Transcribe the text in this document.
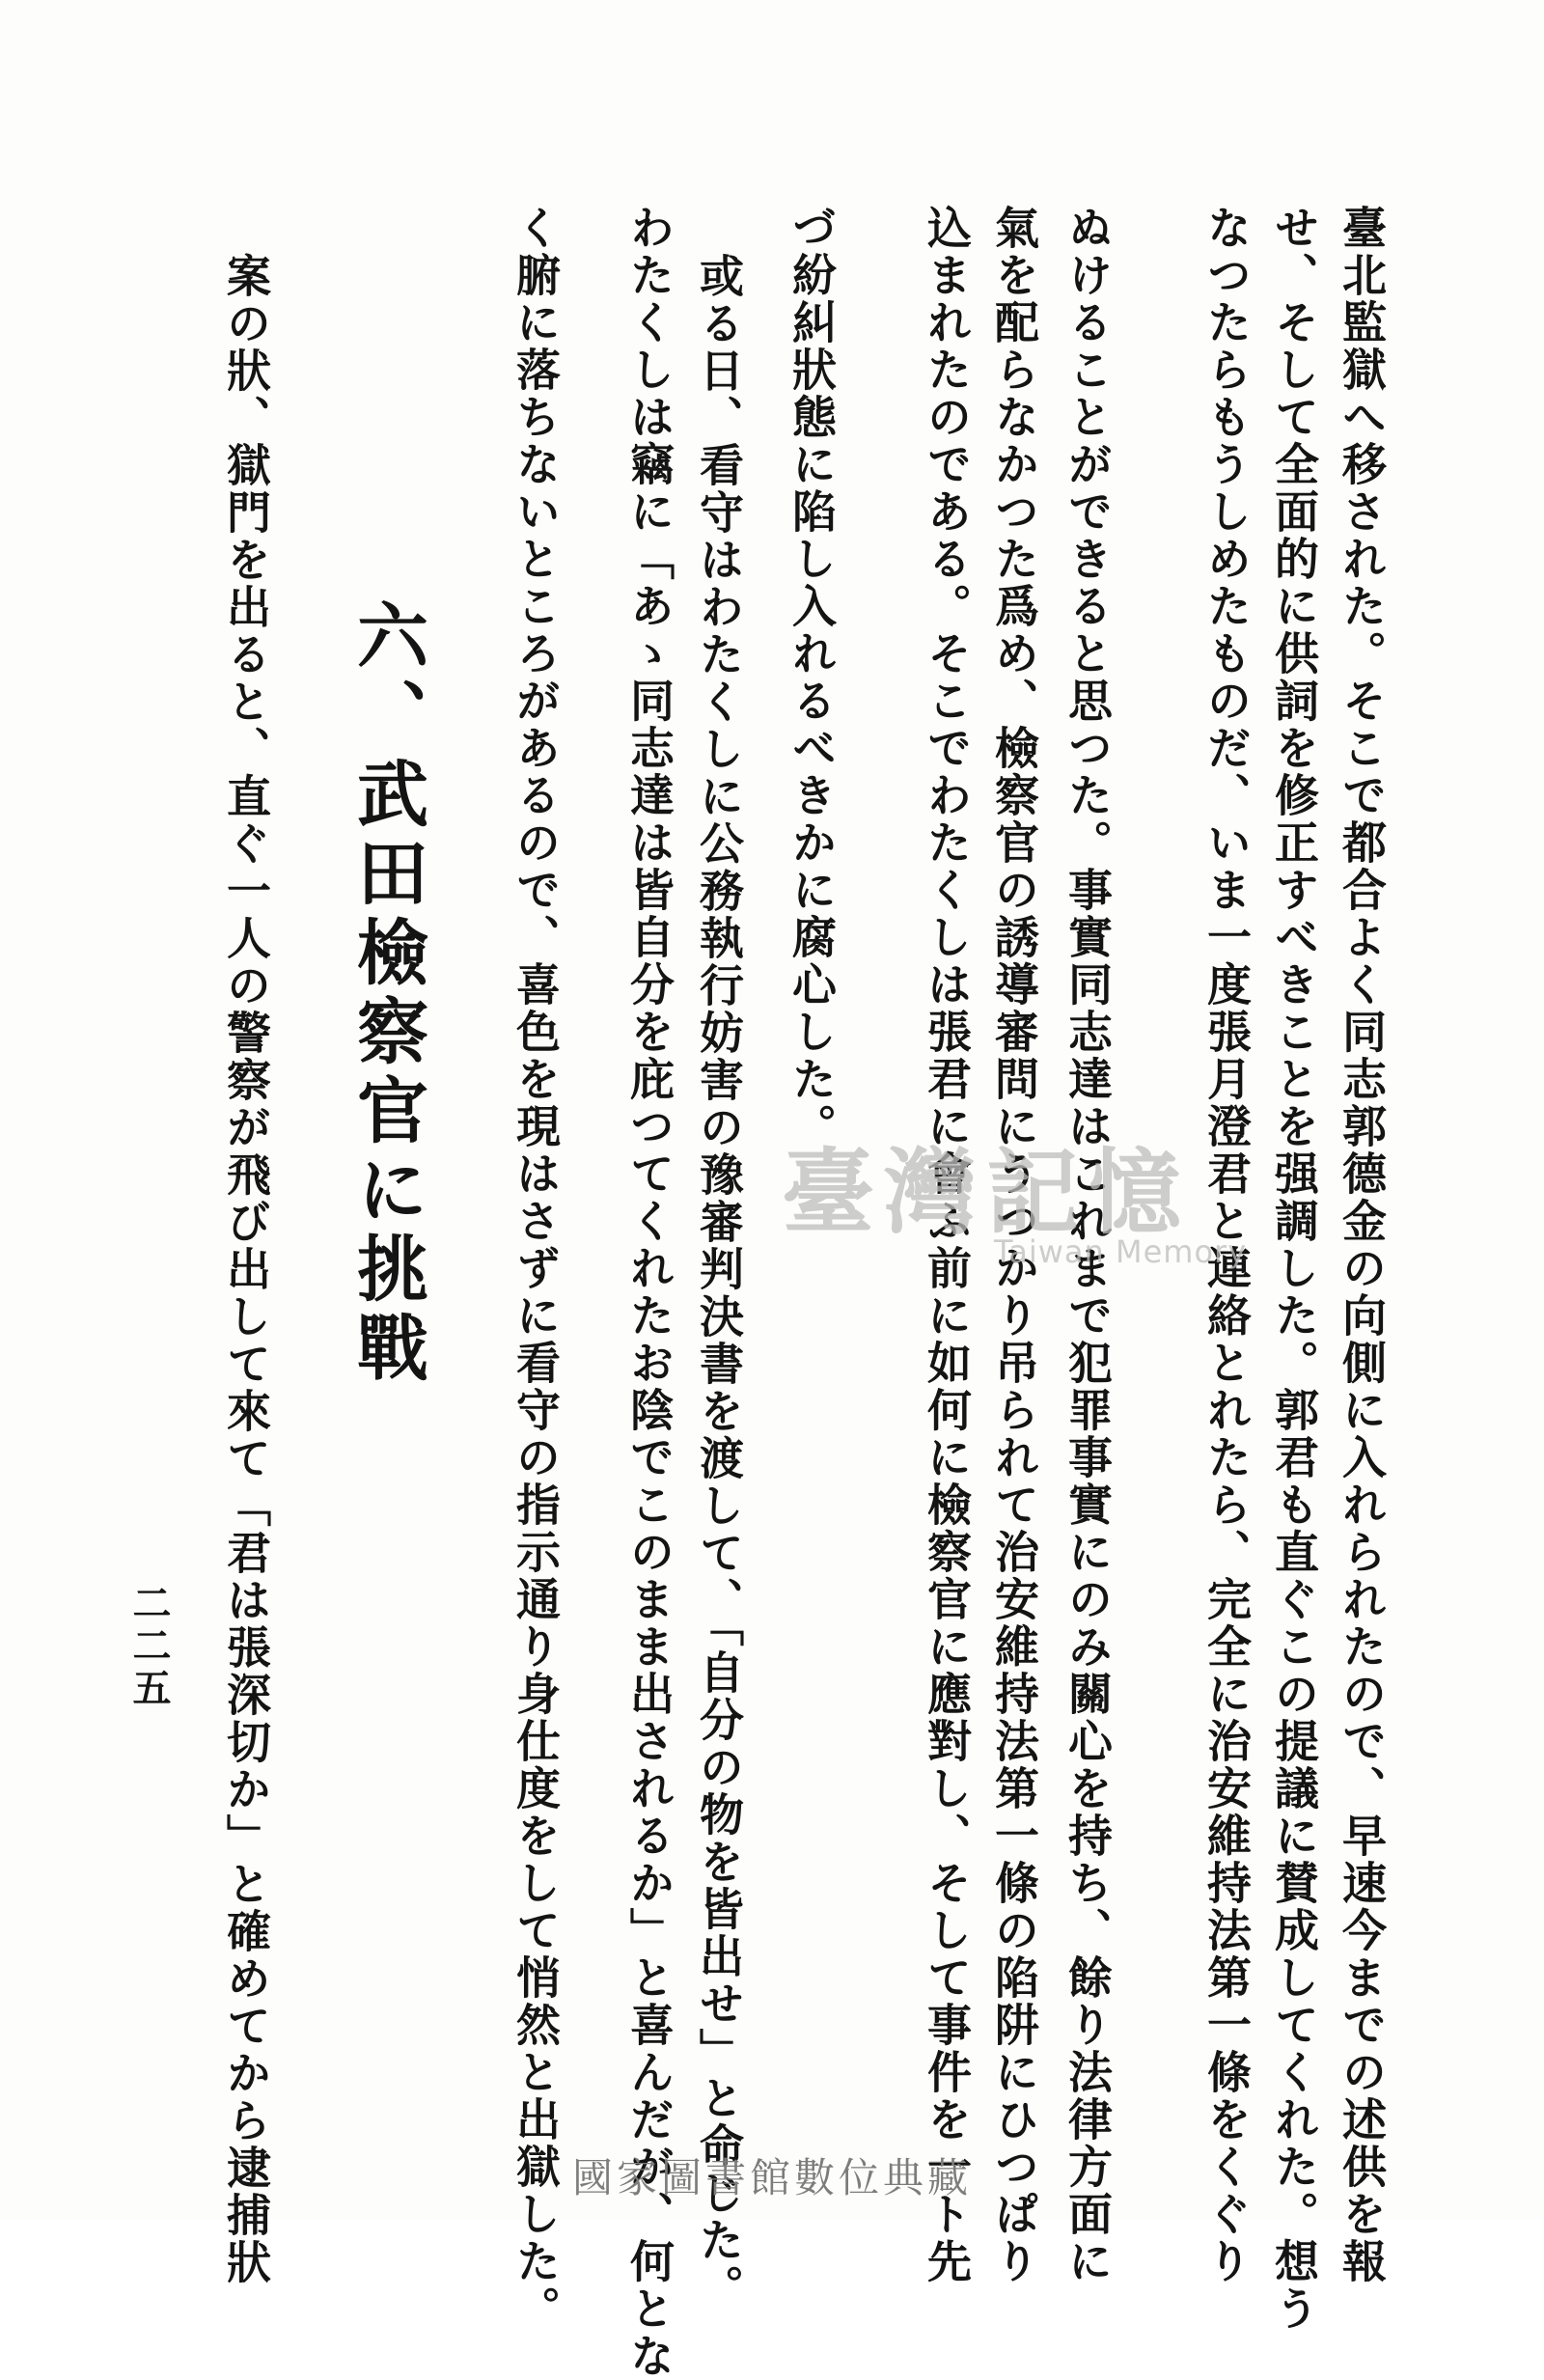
臺北監獄へ移された。そこで都合よく同志郭德金の向側に入れられたので、早速今までの述供を報
せ、そして全面的に供詞を修正すべきことを强調した。郭君も直ぐこの提議に賛成してくれた。想う
なつたらもうしめたものだ、いま一度張月澄君と連絡とれたら、完全に治安維持法第一條をくぐり
ぬけることができると思つた。事實同志達はこれまで犯罪事實にのみ關心を持ち、餘り法律方面に
氣を配らなかつた爲め、檢察官の誘導審問にうつかり吊られて治安維持法第一條の陷阱にひつぱり
込まれたのである。そこでわたくしは張君に會ふ前に如何に檢察官に應對し、そして事件を一ト先
づ紛糾狀態に陷し入れるべきかに腐心した。
或る日、看守はわたくしに公務執行妨害の豫審判決書を渡して、「自分の物を皆出せ」と命じた。
わたくしは竊に「あゝ同志達は皆自分を庇つてくれたお陰でこのまま出されるか」と喜んだが、何とな
く腑に落ちないところがあるので、喜色を現はさずに看守の指示通り身仕度をして悄然と出獄した。
六、武田檢察官に挑戰
案の狀、獄門を出ると、直ぐ一人の警察が飛び出して來て「君は張深切か」と確めてから逮捕狀
二二五
臺灣記憶
Taiwan Memory
國家圖書館數位典藏
